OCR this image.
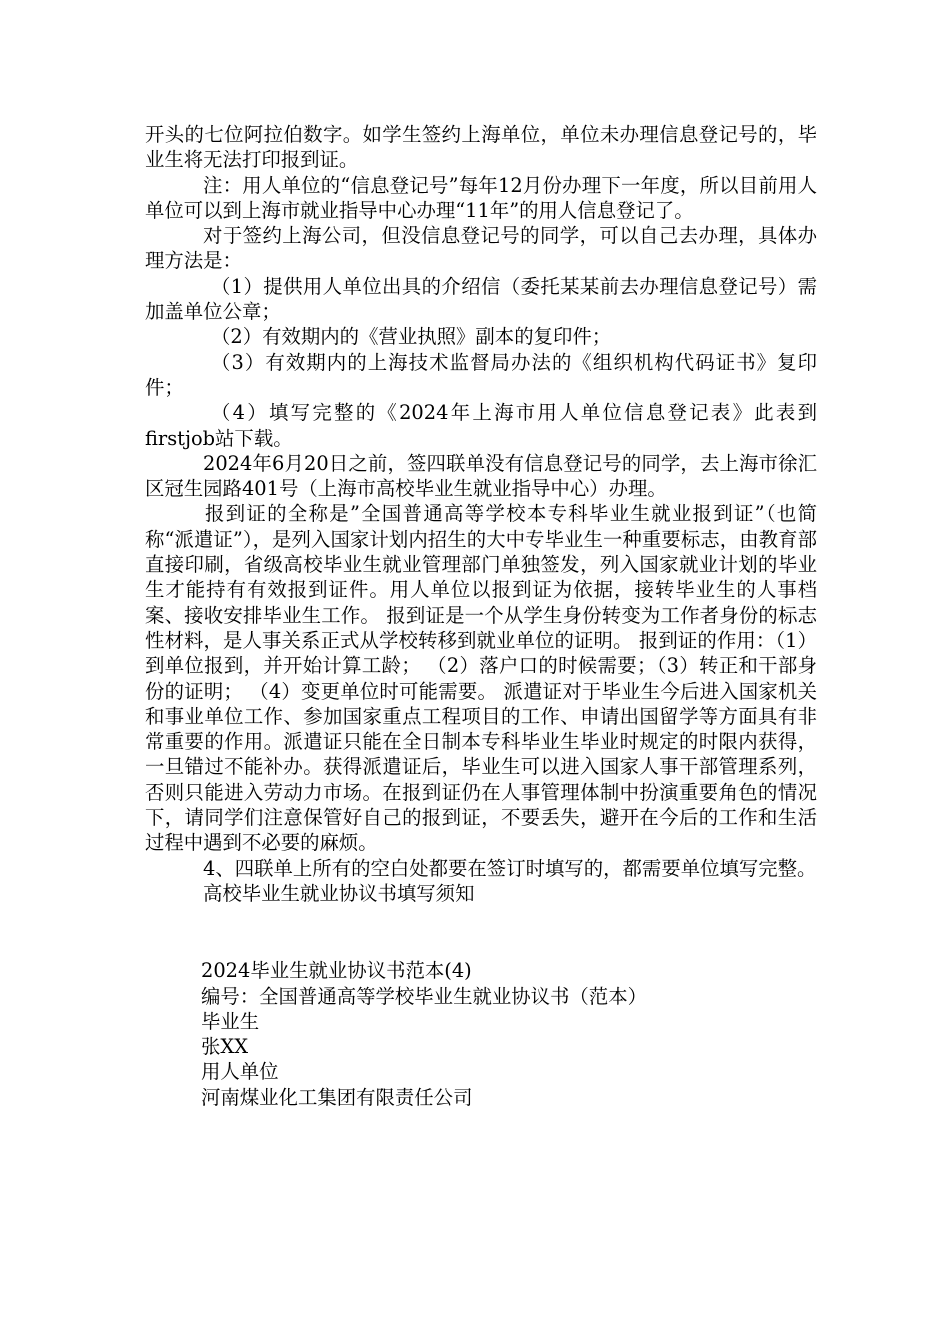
开头的七位阿拉伯数字。如学生签约上海单位，单位未办理信息登记号的，毕业生将无法打印报到证。

注：用人单位的“信息登记号”每年12月份办理下一年度，所以目前用人单位可以到上海市就业指导中心办理“11年”的用人信息登记了。

对于签约上海公司，但没信息登记号的同学，可以自己去办理，具体办理方法是：

（1）提供用人单位出具的介绍信（委托某某前去办理信息登记号）需加盖单位公章；

（2）有效期内的《营业执照》副本的复印件；

（3）有效期内的上海技术监督局办法的《组织机构代码证书》复印件；

（4）填写完整的《2024年上海市用人单位信息登记表》此表到 firstjob站下载。

2024年6月20日之前，签四联单没有信息登记号的同学，去上海市徐汇区冠生园路401号（上海市高校毕业生就业指导中心）办理。

报到证的全称是”全国普通高等学校本专科毕业生就业报到证”（也简称“派遣证”），是列入国家计划内招生的大中专毕业生一种重要标志，由教育部直接印刷，省级高校毕业生就业管理部门单独签发，列入国家就业计划的毕业生才能持有有效报到证件。用人单位以报到证为依据，接转毕业生的人事档案、接收安排毕业生工作。 报到证是一个从学生身份转变为工作者身份的标志性材料，是人事关系正式从学校转移到就业单位的证明。 报到证的作用：（1）到单位报到，并开始计算工龄； （2）落户口的时候需要；（3）转正和干部身份的证明； （4）变更单位时可能需要。 派遣证对于毕业生今后进入国家机关和事业单位工作、参加国家重点工程项目的工作、申请出国留学等方面具有非常重要的作用。派遣证只能在全日制本专科毕业生毕业时规定的时限内获得，一旦错过不能补办。获得派遣证后，毕业生可以进入国家人事干部管理系列，否则只能进入劳动力市场。在报到证仍在人事管理体制中扮演重要角色的情况下，请同学们注意保管好自己的报到证，不要丢失，避开在今后的工作和生活过程中遇到不必要的麻烦。

4、四联单上所有的空白处都要在签订时填写的，都需要单位填写完整。

高校毕业生就业协议书填写须知

2024毕业生就业协议书范本(4)

编号：全国普通高等学校毕业生就业协议书（范本）

毕业生

张XX

用人单位

河南煤业化工集团有限责任公司
